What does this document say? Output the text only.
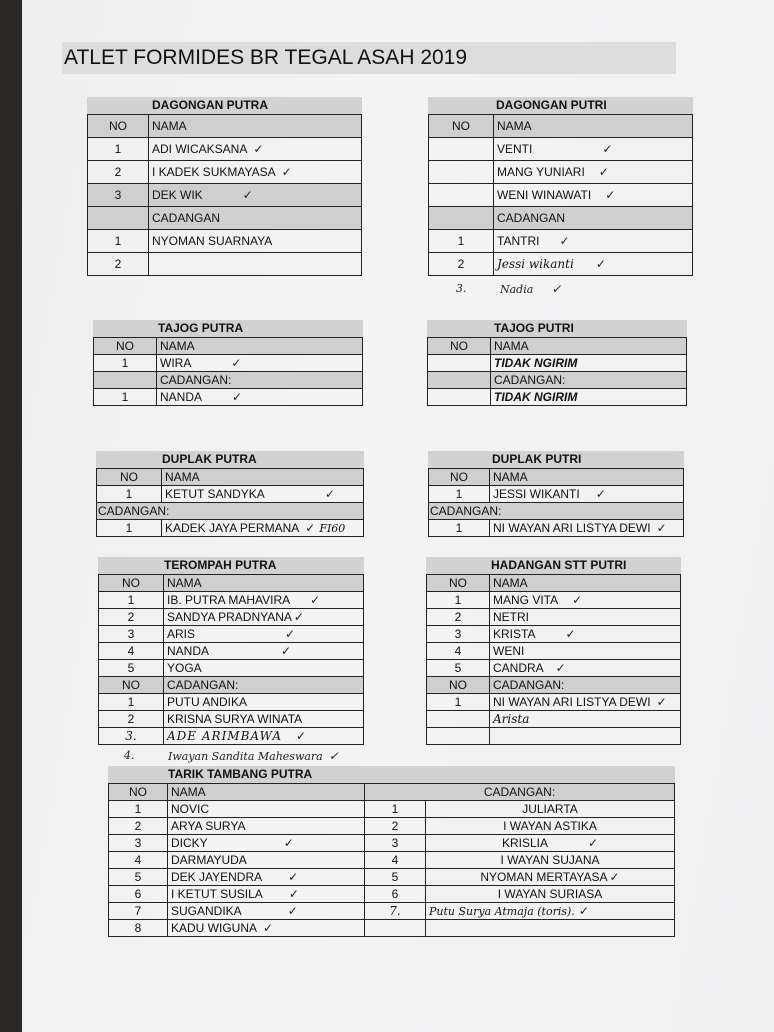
ATLET FORMIDES BR TEGAL ASAH 2019
DAGONGAN PUTRA
NO	NAMA
1	ADI WICAKSANA ✓
2	I KADEK SUKMAYASA ✓
3	DEK WIK ✓
	CADANGAN
1	NYOMAN SUARNAYA
2	
DAGONGAN PUTRI
NO	NAMA
	VENTI ✓
	MANG YUNIARI ✓
	WENI WINAWATI ✓
	CADANGAN
1	TANTRI ✓
2	Jessi wikanti ✓
3.	Nadia ✓
TAJOG PUTRA
NO	NAMA
1	WIRA ✓
	CADANGAN:
1	NANDA ✓
TAJOG PUTRI
NO	NAMA
	TIDAK NGIRIM
	CADANGAN:
	TIDAK NGIRIM
DUPLAK PUTRA
NO	NAMA
1	KETUT SANDYKA ✓
CADANGAN:	
1	KADEK JAYA PERMANA ✓ FI60
DUPLAK PUTRI
NO	NAMA
1	JESSI WIKANTI ✓
CADANGAN:	
1	NI WAYAN ARI LISTYA DEWI ✓
TEROMPAH PUTRA
NO	NAMA
1	IB. PUTRA MAHAVIRA ✓
2	SANDYA PRADNYANA ✓
3	ARIS ✓
4	NANDA ✓
5	YOGA
NO	CADANGAN:
1	PUTU ANDIKA
2	KRISNA SURYA WINATA
3.	ADE ARIMBAWA ✓
4.	Iwayan Sandita Maheswara ✓
HADANGAN STT PUTRI
NO	NAMA
1	MANG VITA ✓
2	NETRI
3	KRISTA ✓
4	WENI
5	CANDRA ✓
NO	CADANGAN:
1	NI WAYAN ARI LISTYA DEWI ✓
	Arista

TARIK TAMBANG PUTRA
NO	NAMA	CADANGAN:	
1	NOVIC	1	JULIARTA
2	ARYA SURYA	2	I WAYAN ASTIKA
3	DICKY ✓	3	KRISLIA ✓
4	DARMAYUDA	4	I WAYAN SUJANA
5	DEK JAYENDRA ✓	5	NYOMAN MERTAYASA ✓
6	I KETUT SUSILA ✓	6	I WAYAN SURIASA
7	SUGANDIKA ✓	7.	Putu Surya Atmaja (toris). ✓
8	KADU WIGUNA ✓		
